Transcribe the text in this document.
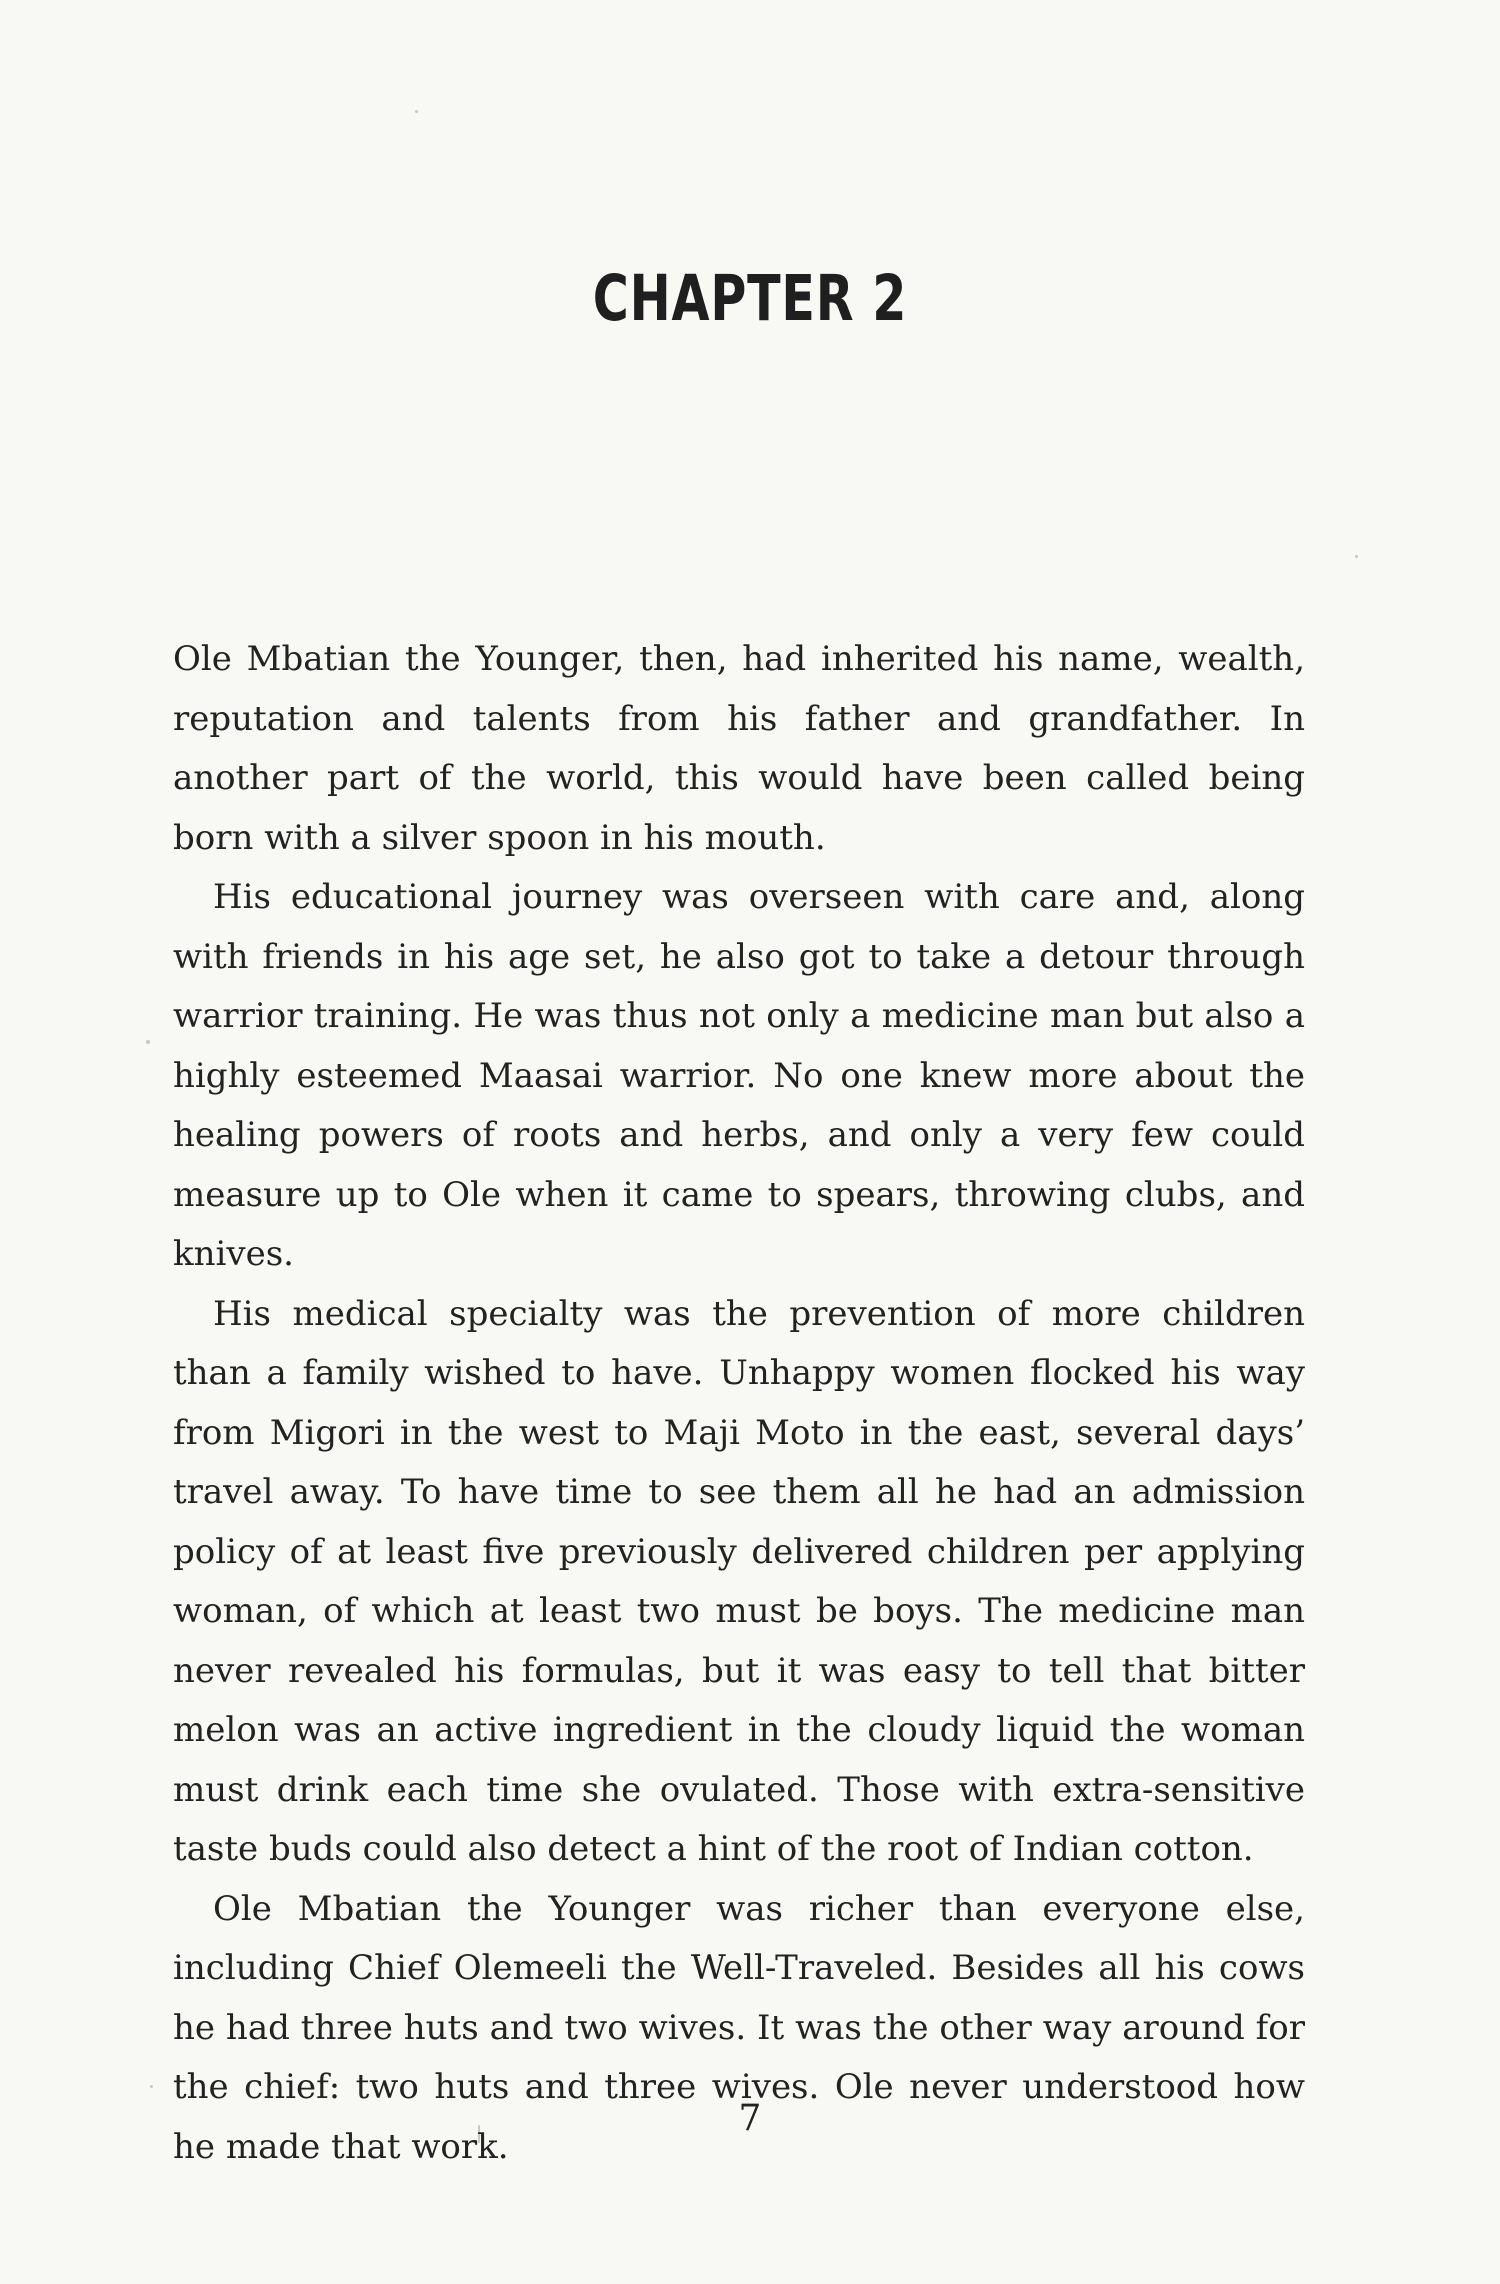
CHAPTER 2

Ole Mbatian the Younger, then, had inherited his name, wealth, reputation and talents from his father and grandfather. In another part of the world, this would have been called being born with a silver spoon in his mouth.

His educational journey was overseen with care and, along with friends in his age set, he also got to take a detour through warrior training. He was thus not only a medicine man but also a highly esteemed Maasai warrior. No one knew more about the healing powers of roots and herbs, and only a very few could measure up to Ole when it came to spears, throwing clubs, and knives.

His medical specialty was the prevention of more children than a family wished to have. Unhappy women flocked his way from Migori in the west to Maji Moto in the east, several days’ travel away. To have time to see them all he had an admission policy of at least five previously delivered children per applying woman, of which at least two must be boys. The medicine man never revealed his formulas, but it was easy to tell that bitter melon was an active ingredient in the cloudy liquid the woman must drink each time she ovulated. Those with extra-sensitive taste buds could also detect a hint of the root of Indian cotton.

Ole Mbatian the Younger was richer than everyone else, including Chief Olemeeli the Well-Traveled. Besides all his cows he had three huts and two wives. It was the other way around for the chief: two huts and three wives. Ole never understood how he made that work.

7
